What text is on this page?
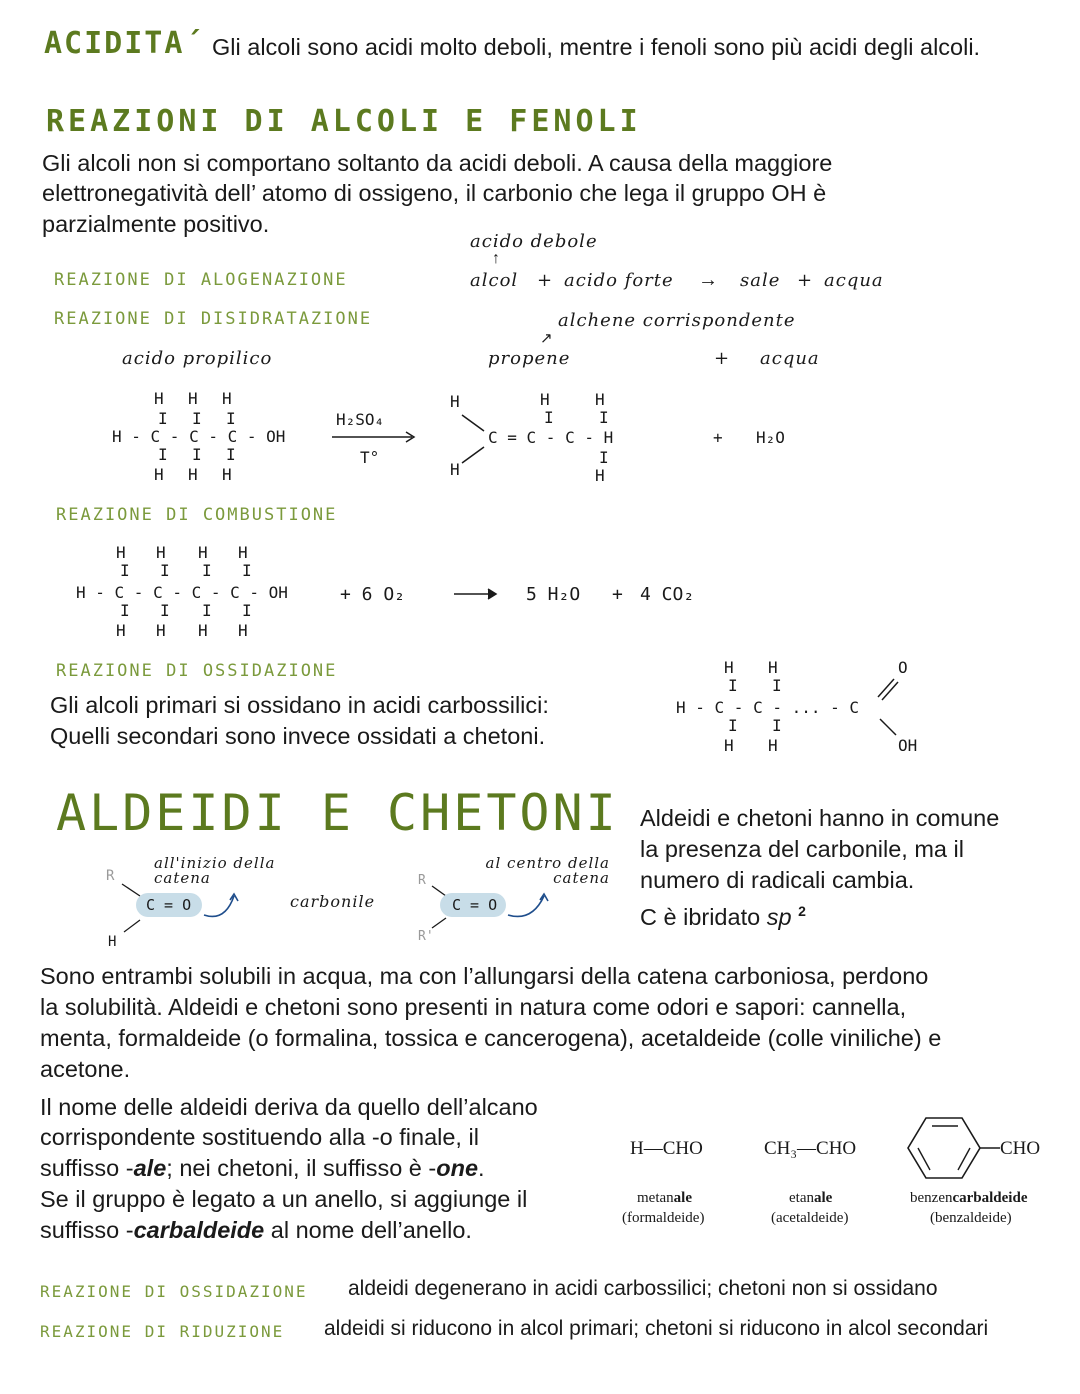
ACIDITA´ Gli alcoli sono acidi molto deboli, mentre i fenoli sono più acidi degli alcoli.
REAZIONI DI ALCOLI E FENOLI
Gli alcoli non si comportano soltanto da acidi deboli. A causa della maggiore
elettronegatività dell’ atomo di ossigeno, il carbonio che lega il gruppo OH è
parzialmente positivo.
REAZIONE DI ALOGENAZIONE
acido debole
↑
alcol + acido forte → sale + acqua
REAZIONE DI DISIDRATAZIONE	alchene corrispondente
↗
acido propilico	propene	+ acqua
H H H
I I I
H - C - C - C - OH
I I I
H H H
H₂SO₄
T°
H	H	H
I	I
C = C - C - H
I
H
H
+ H₂O
REAZIONE DI COMBUSTIONE
H H H H
I I I I
H - C - C - C - C - OH
I I I I
H H H H
+ 6 O₂	5 H₂O + 4 CO₂
REAZIONE DI OSSIDAZIONE
Gli alcoli primari si ossidano in acidi carbossilici:
Quelli secondari sono invece ossidati a chetoni.
H H
I I
H - C - C - ... - C
I I
H H
O
OH
ALDEIDI E CHETONI Aldeidi e chetoni hanno in comune
la presenza del carbonile, ma il
numero di radicali cambia.
C è ibridato sp $^2$
all'inizio della catena
R
C = O
H
carbonile
al centro della catena
R
C = O
R'
Sono entrambi solubili in acqua, ma con l’allungarsi della catena carboniosa, perdono
la solubilità. Aldeidi e chetoni sono presenti in natura come odori e sapori: cannella,
menta, formaldeide (o formalina, tossica e cancerogena), acetaldeide (colle viniliche) e
acetone.
Il nome delle aldeidi deriva da quello dell’alcano
corrispondente sostituendo alla -o finale, il
suffisso -ale; nei chetoni, il suffisso è -one.
Se il gruppo è legato a un anello, si aggiunge il
suffisso -carbaldeide al nome dell’anello.
H—CHO	CH₃—CHO	CHO
metanale
(formaldeide)
etanale
(acetaldeide)
benzencarbaldeide
(benzaldeide)
REAZIONE DI OSSIDAZIONE aldeidi degenerano in acidi carbossilici; chetoni non si ossidano
REAZIONE DI RIDUZIONE aldeidi si riducono in alcol primari; chetoni si riducono in alcol secondari
